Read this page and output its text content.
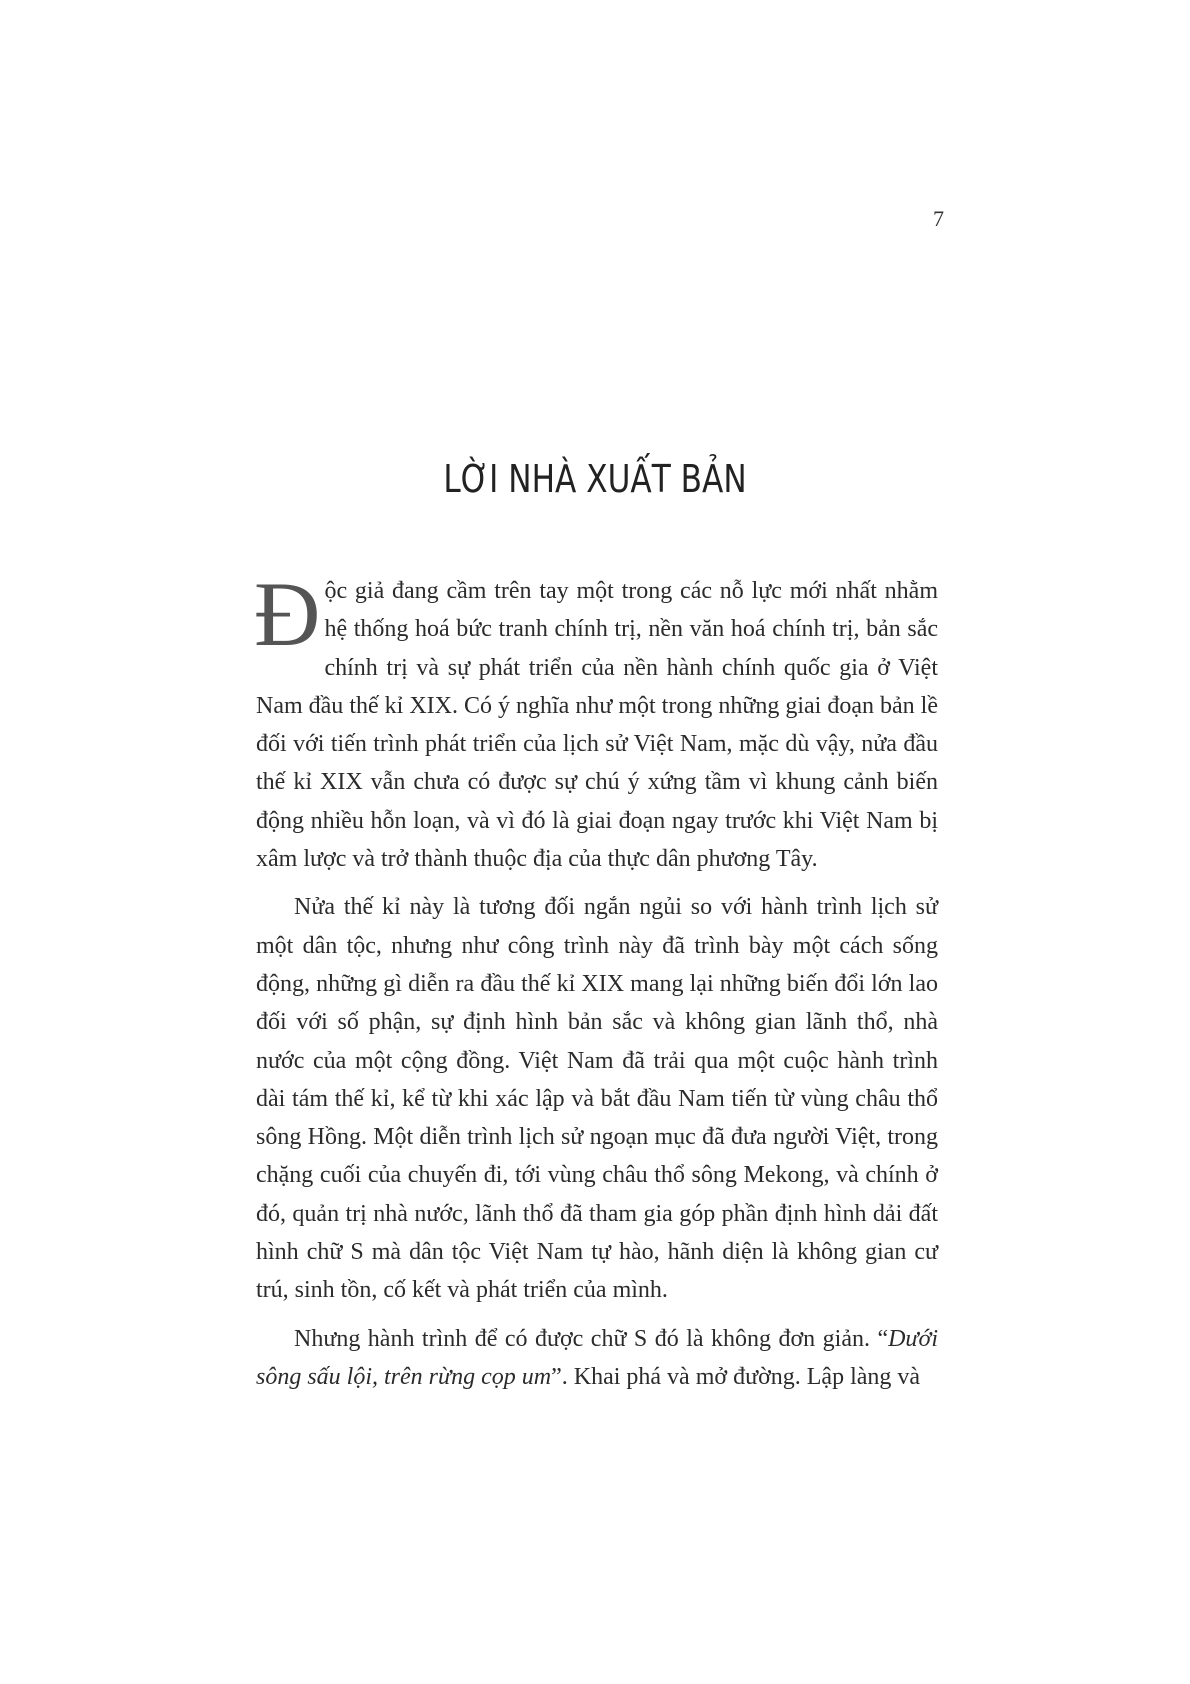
7
LỜI NHÀ XUẤT BẢN

Độc giả đang cầm trên tay một trong các nỗ lực mới nhất nhằm hệ thống hoá bức tranh chính trị, nền văn hoá chính trị, bản sắc chính trị và sự phát triển của nền hành chính quốc gia ở Việt Nam đầu thế kỉ XIX. Có ý nghĩa như một trong những giai đoạn bản lề đối với tiến trình phát triển của lịch sử Việt Nam, mặc dù vậy, nửa đầu thế kỉ XIX vẫn chưa có được sự chú ý xứng tầm vì khung cảnh biến động nhiều hỗn loạn, và vì đó là giai đoạn ngay trước khi Việt Nam bị xâm lược và trở thành thuộc địa của thực dân phương Tây.

Nửa thế kỉ này là tương đối ngắn ngủi so với hành trình lịch sử một dân tộc, nhưng như công trình này đã trình bày một cách sống động, những gì diễn ra đầu thế kỉ XIX mang lại những biến đổi lớn lao đối với số phận, sự định hình bản sắc và không gian lãnh thổ, nhà nước của một cộng đồng. Việt Nam đã trải qua một cuộc hành trình dài tám thế kỉ, kể từ khi xác lập và bắt đầu Nam tiến từ vùng châu thổ sông Hồng. Một diễn trình lịch sử ngoạn mục đã đưa người Việt, trong chặng cuối của chuyến đi, tới vùng châu thổ sông Mekong, và chính ở đó, quản trị nhà nước, lãnh thổ đã tham gia góp phần định hình dải đất hình chữ S mà dân tộc Việt Nam tự hào, hãnh diện là không gian cư trú, sinh tồn, cố kết và phát triển của mình.

Nhưng hành trình để có được chữ S đó là không đơn giản. “Dưới sông sấu lội, trên rừng cọp um”. Khai phá và mở đường. Lập làng và
